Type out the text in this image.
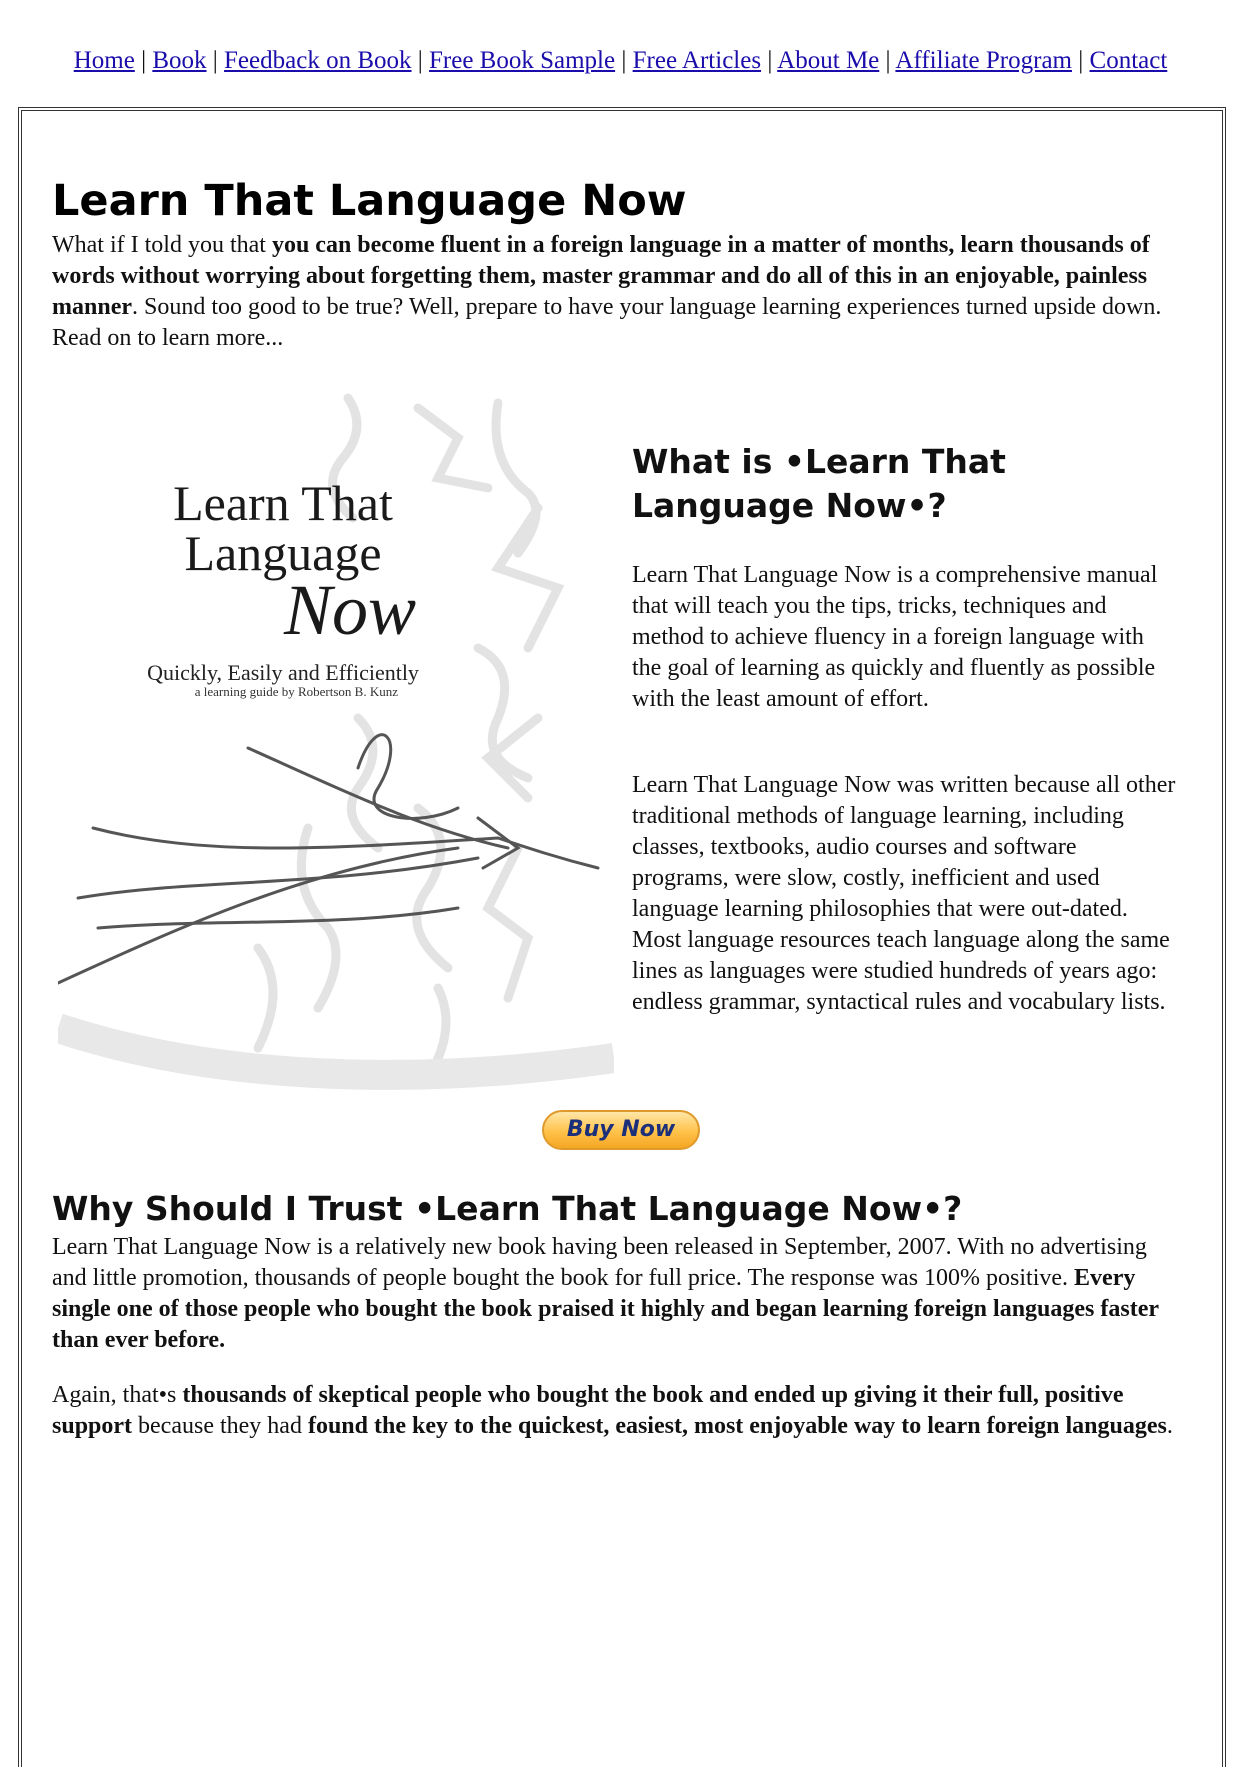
Home | Book | Feedback on Book | Free Book Sample | Free Articles | About Me | Affiliate Program | Contact
Learn That Language Now

What if I told you that you can become fluent in a foreign language in a matter of months, learn thousands of words without worrying about forgetting them, master grammar and do all of this in an enjoyable, painless manner. Sound too good to be true? Well, prepare to have your language learning experiences turned upside down. Read on to learn more...

Learn That
Language
Now
Quickly, Easily and Efficiently
a learning guide by Robertson B. Kunz
What is •Learn That Language Now•?

Learn That Language Now is a comprehensive manual that will teach you the tips, tricks, techniques and method to achieve fluency in a foreign language with the goal of learning as quickly and fluently as possible with the least amount of effort.

Learn That Language Now was written because all other traditional methods of language learning, including classes, textbooks, audio courses and software programs, were slow, costly, inefficient and used language learning philosophies that were out-dated. Most language resources teach language along the same lines as languages were studied hundreds of years ago: endless grammar, syntactical rules and vocabulary lists.

Buy Now
Why Should I Trust •Learn That Language Now•?

Learn That Language Now is a relatively new book having been released in September, 2007. With no advertising and little promotion, thousands of people bought the book for full price. The response was 100% positive. Every single one of those people who bought the book praised it highly and began learning foreign languages faster than ever before.

Again, that•s thousands of skeptical people who bought the book and ended up giving it their full, positive support because they had found the key to the quickest, easiest, most enjoyable way to learn foreign languages.
